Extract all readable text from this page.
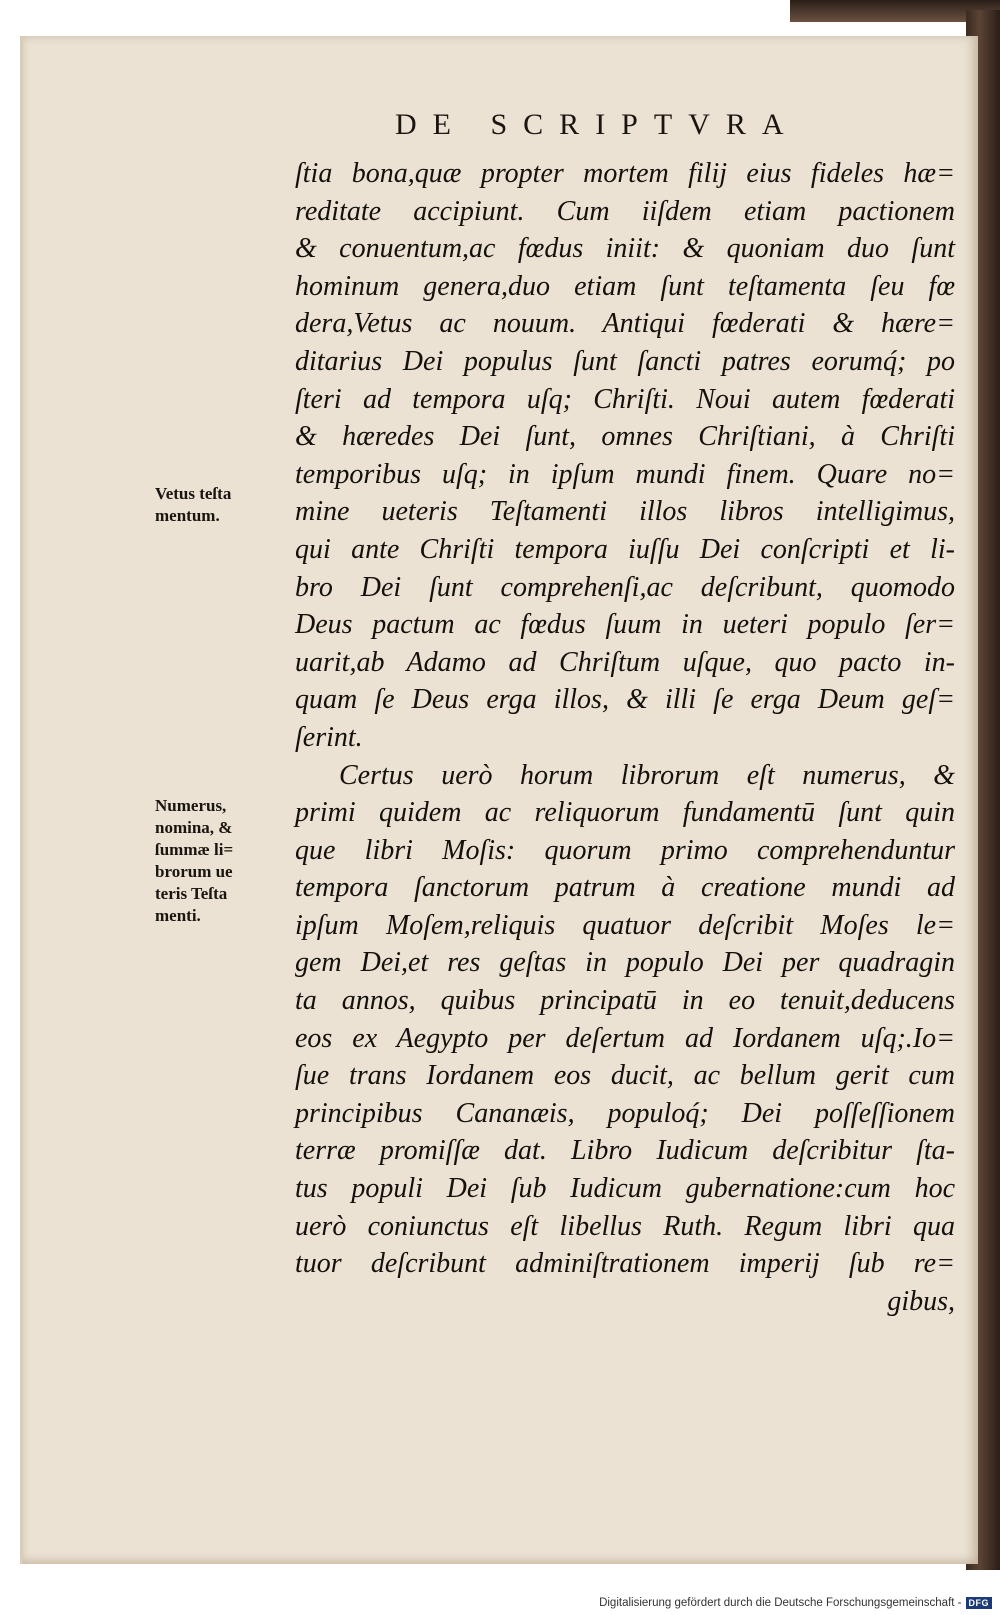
DE SCRIPTVRA
Vetus teſta
mentum.
Numerus,
nomina, &
ſummæ li=
brorum ue
teris Teſta
menti.
ſtia bona,quæ propter mortem filij eius fideles hæ=
reditate accipiunt. Cum iiſdem etiam pactionem
& conuentum,ac fœdus iniit: & quoniam duo ſunt
hominum genera,duo etiam ſunt teſtamenta ſeu fœ
dera,Vetus ac nouum. Antiqui fœderati & hære=
ditarius Dei populus ſunt ſancti patres eorumq́; po
ſteri ad tempora uſq; Chriſti. Noui autem fœderati
& hæredes Dei ſunt, omnes Chriſtiani, à Chriſti
temporibus uſq; in ipſum mundi finem. Quare no=
mine ueteris Teſtamenti illos libros intelligimus,
qui ante Chriſti tempora iuſſu Dei conſcripti et li-
bro Dei ſunt comprehenſi,ac deſcribunt, quomodo
Deus pactum ac fœdus ſuum in ueteri populo ſer=
uarit,ab Adamo ad Chriſtum uſque, quo pacto in-
quam ſe Deus erga illos, & illi ſe erga Deum geſ=
ſerint.
Certus uerò horum librorum eſt numerus, &
primi quidem ac reliquorum fundamentū ſunt quin
que libri Moſis: quorum primo comprehenduntur
tempora ſanctorum patrum à creatione mundi ad
ipſum Moſem,reliquis quatuor deſcribit Moſes le=
gem Dei,et res geſtas in populo Dei per quadragin
ta annos, quibus principatū in eo tenuit,deducens
eos ex Aegypto per deſertum ad Iordanem uſq;.Io=
ſue trans Iordanem eos ducit, ac bellum gerit cum
principibus Cananæis, populoq́; Dei poſſeſſionem
terræ promiſſæ dat. Libro Iudicum deſcribitur ſta-
tus populi Dei ſub Iudicum gubernatione:cum hoc
uerò coniunctus eſt libellus Ruth. Regum libri qua
tuor deſcribunt adminiſtrationem imperij ſub re=
gibus,
Digitalisierung gefördert durch die Deutsche Forschungsgemeinschaft - DFG
